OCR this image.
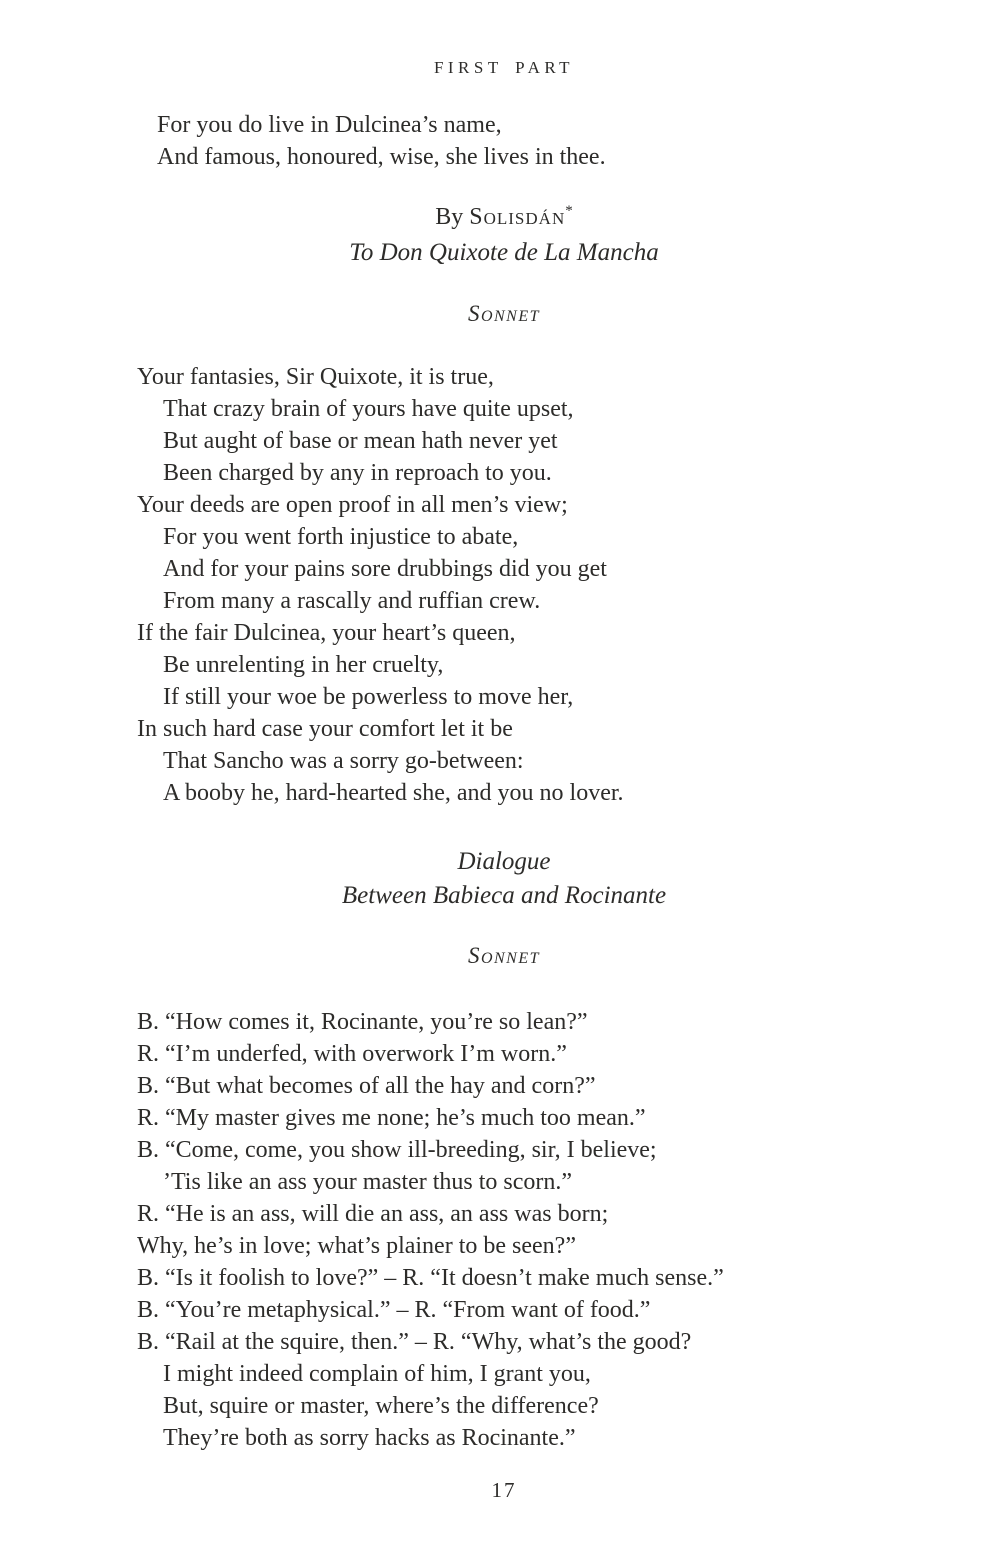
FIRST PART
For you do live in Dulcinea’s name,
And famous, honoured, wise, she lives in thee.
By Solisdán*
To Don Quixote de La Mancha
Sonnet
Your fantasies, Sir Quixote, it is true,
That crazy brain of yours have quite upset,
But aught of base or mean hath never yet
Been charged by any in reproach to you.
Your deeds are open proof in all men’s view;
For you went forth injustice to abate,
And for your pains sore drubbings did you get
From many a rascally and ruffian crew.
If the fair Dulcinea, your heart’s queen,
Be unrelenting in her cruelty,
If still your woe be powerless to move her,
In such hard case your comfort let it be
That Sancho was a sorry go-between:
A booby he, hard-hearted she, and you no lover.
Dialogue
Between Babieca and Rocinante
Sonnet
B. “How comes it, Rocinante, you’re so lean?”
R. “I’m underfed, with overwork I’m worn.”
B. “But what becomes of all the hay and corn?”
R. “My master gives me none; he’s much too mean.”
B. “Come, come, you show ill-breeding, sir, I believe;
’Tis like an ass your master thus to scorn.”
R. “He is an ass, will die an ass, an ass was born;
Why, he’s in love; what’s plainer to be seen?”
B. “Is it foolish to love?” – R. “It doesn’t make much sense.”
B. “You’re metaphysical.” – R. “From want of food.”
B. “Rail at the squire, then.” – R. “Why, what’s the good?
I might indeed complain of him, I grant you,
But, squire or master, where’s the difference?
They’re both as sorry hacks as Rocinante.”
17
